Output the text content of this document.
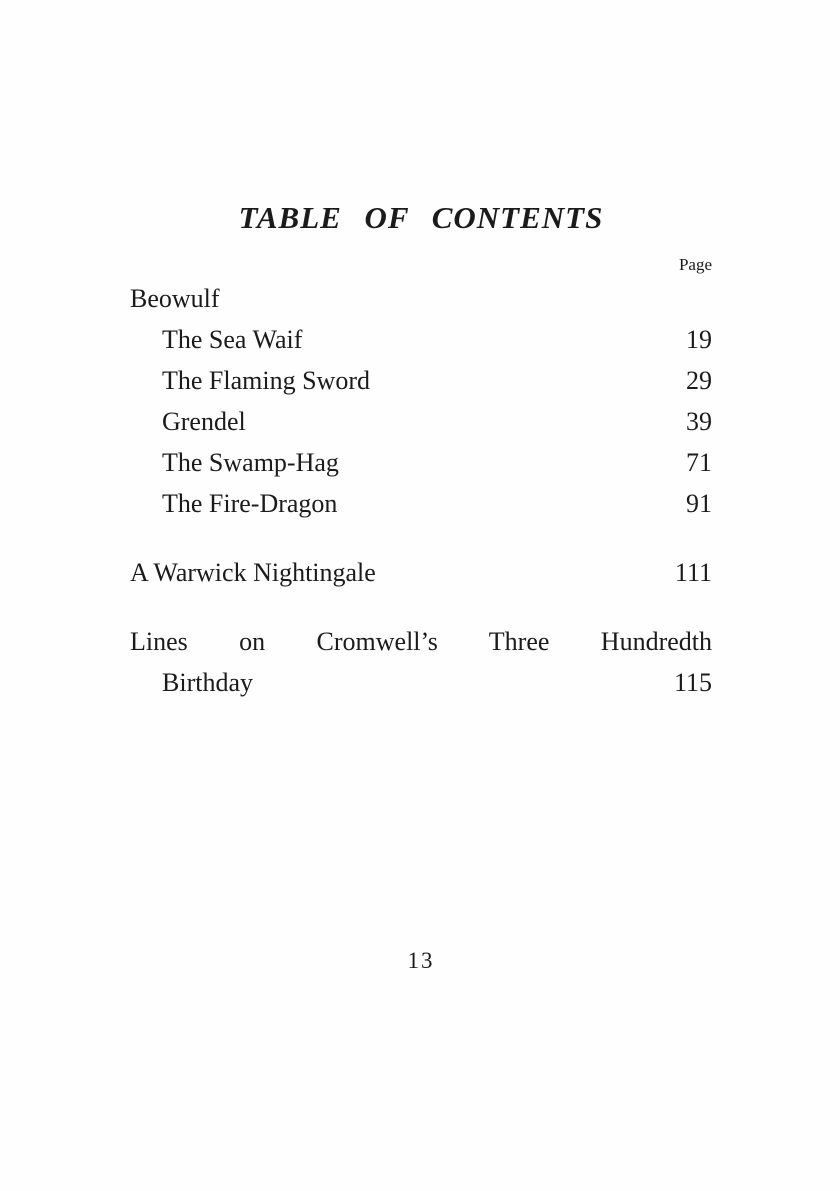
TABLE OF CONTENTS
Page
Beowulf
The Sea Waif	19
The Flaming Sword	29
Grendel	39
The Swamp-Hag	71
The Fire-Dragon	91
A Warwick Nightingale	111
Lines on Cromwell’s Three Hundredth
Birthday	115
13
